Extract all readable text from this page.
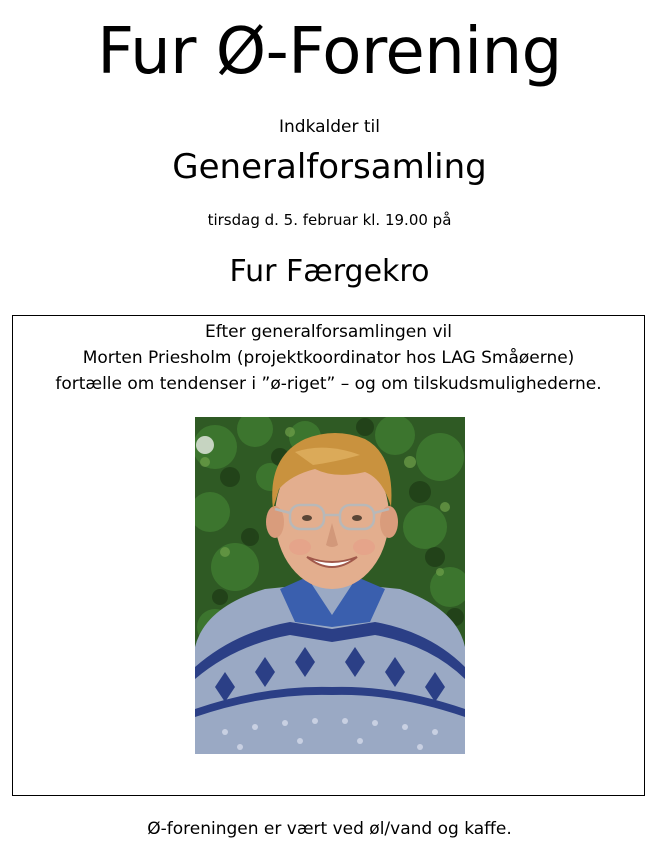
Fur Ø-Forening
Indkalder til
Generalforsamling
tirsdag d. 5. februar kl. 19.00 på
Fur Færgekro
Efter generalforsamlingen vil
Morten Priesholm (projektkoordinator hos LAG Småøerne)
fortælle om tendenser i ”ø-riget” – og om tilskudsmulighederne.
Ø-foreningen er vært ved øl/vand og kaffe.
